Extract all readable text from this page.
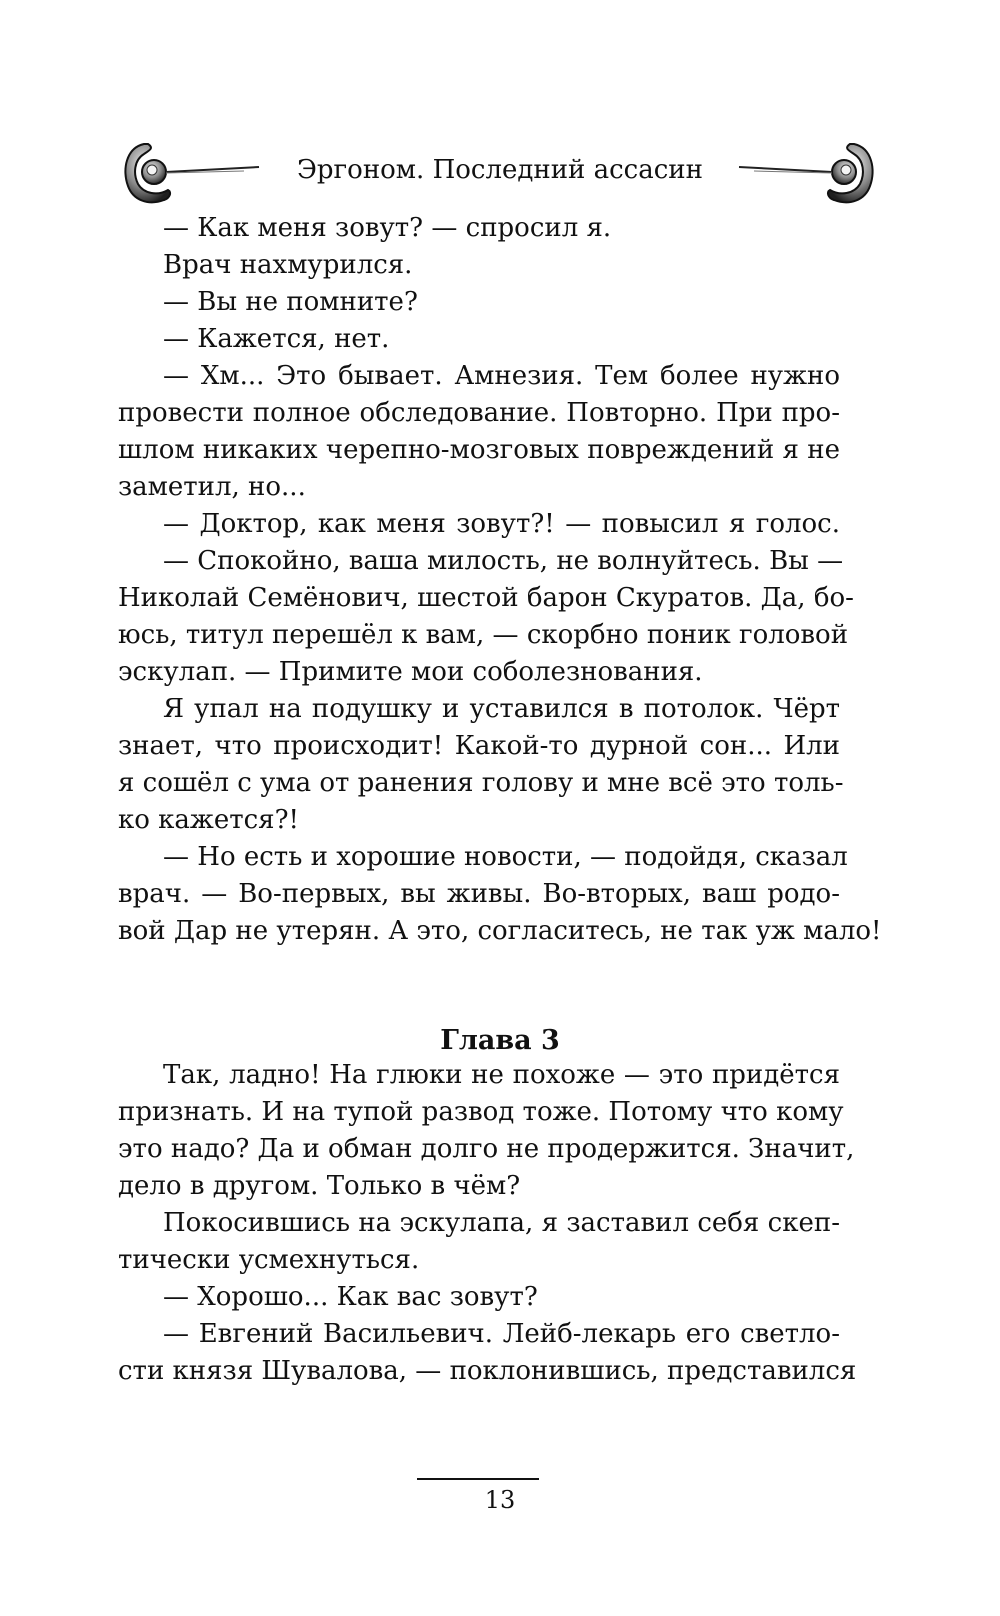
Эргоном. Последний ассасин
— Как меня зовут? — спросил я.
Врач нахмурился.
— Вы не помните?
— Кажется, нет.
— Хм... Это бывает. Амнезия. Тем более нужно
провести полное обследование. Повторно. При про-
шлом никаких черепно-мозговых повреждений я не
заметил, но...
— Доктор, как меня зовут?! — повысил я голос.
— Спокойно, ваша милость, не волнуйтесь. Вы —
Николай Семёнович, шестой барон Скуратов. Да, бо-
юсь, титул перешёл к вам, — скорбно поник головой
эскулап. — Примите мои соболезнования.
Я упал на подушку и уставился в потолок. Чёрт
знает, что происходит! Какой-то дурной сон... Или
я сошёл с ума от ранения голову и мне всё это толь-
ко кажется?!
— Но есть и хорошие новости, — подойдя, сказал
врач. — Во-первых, вы живы. Во-вторых, ваш родо-
вой Дар не утерян. А это, согласитесь, не так уж мало!
Глава 3
Так, ладно! На глюки не похоже — это придётся
признать. И на тупой развод тоже. Потому что кому
это надо? Да и обман долго не продержится. Значит,
дело в другом. Только в чём?
Покосившись на эскулапа, я заставил себя скеп-
тически усмехнуться.
— Хорошо... Как вас зовут?
— Евгений Васильевич. Лейб-лекарь его светло-
сти князя Шувалова, — поклонившись, представился
13
